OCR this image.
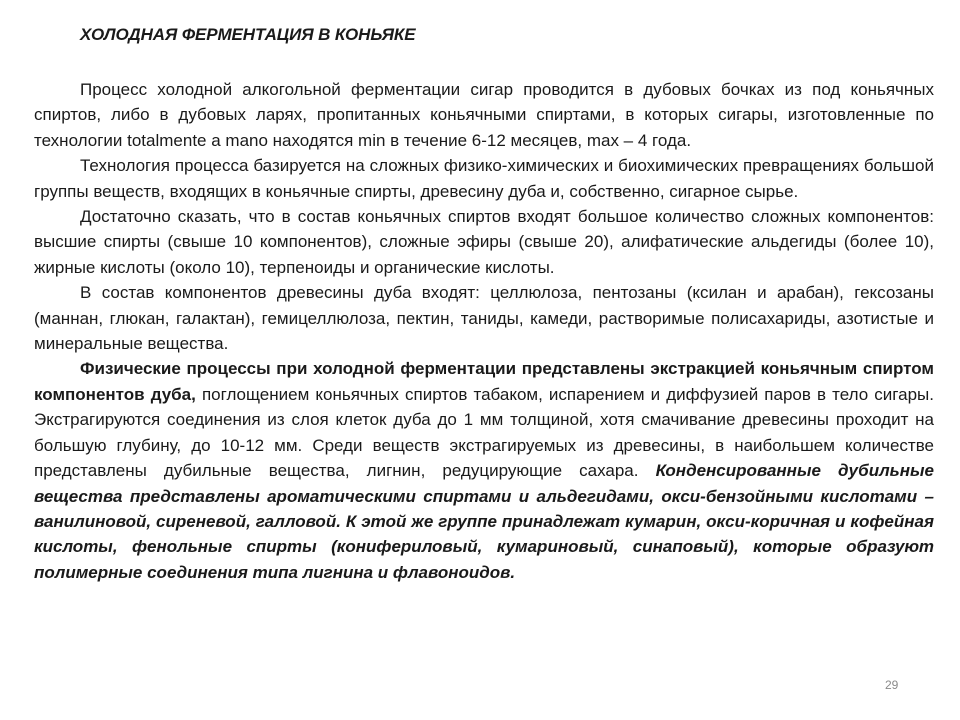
ХОЛОДНАЯ ФЕРМЕНТАЦИЯ В КОНЬЯКЕ

Процесс холодной алкогольной ферментации сигар проводится в дубовых бочках из под коньячных спиртов, либо в дубовых ларях, пропитанных коньячными спиртами, в которых сигары, изготовленные по технологии totalmente a mano находятся min в течение 6-12 месяцев, max – 4 года.

Технология процесса базируется на сложных физико-химических и биохимических превращениях большой группы веществ, входящих в коньячные спирты, древесину дуба и, собственно, сигарное сырье.

Достаточно сказать, что в состав коньячных спиртов входят большое количество сложных компонентов: высшие спирты (свыше 10 компонентов), сложные эфиры (свыше 20), алифатические альдегиды (более 10), жирные кислоты (около 10), терпеноиды и органические кислоты.

В состав компонентов древесины дуба входят: целлюлоза, пентозаны (ксилан и арабан), гексозаны (маннан, глюкан, галактан), гемицеллюлоза, пектин, таниды, камеди, растворимые полисахариды, азотистые и минеральные вещества.

Физические процессы при холодной ферментации представлены экстракцией коньячным спиртом компонентов дуба, поглощением коньячных спиртов табаком, испарением и диффузией паров в тело сигары. Экстрагируются соединения из слоя клеток дуба до 1 мм толщиной, хотя смачивание древесины проходит на большую глубину, до 10-12 мм. Среди веществ экстрагируемых из древесины, в наибольшем количестве представлены дубильные вещества, лигнин, редуцирующие сахара. Конденсированные дубильные вещества представлены ароматическими спиртами и альдегидами, окси-бензойными кислотами – ванилиновой, сиреневой, галловой. К этой же группе принадлежат кумарин, окси-коричная и кофейная кислоты, фенольные спирты (конифериловый, кумариновый, синаповый), которые образуют полимерные соединения типа лигнина и флавоноидов.

29
